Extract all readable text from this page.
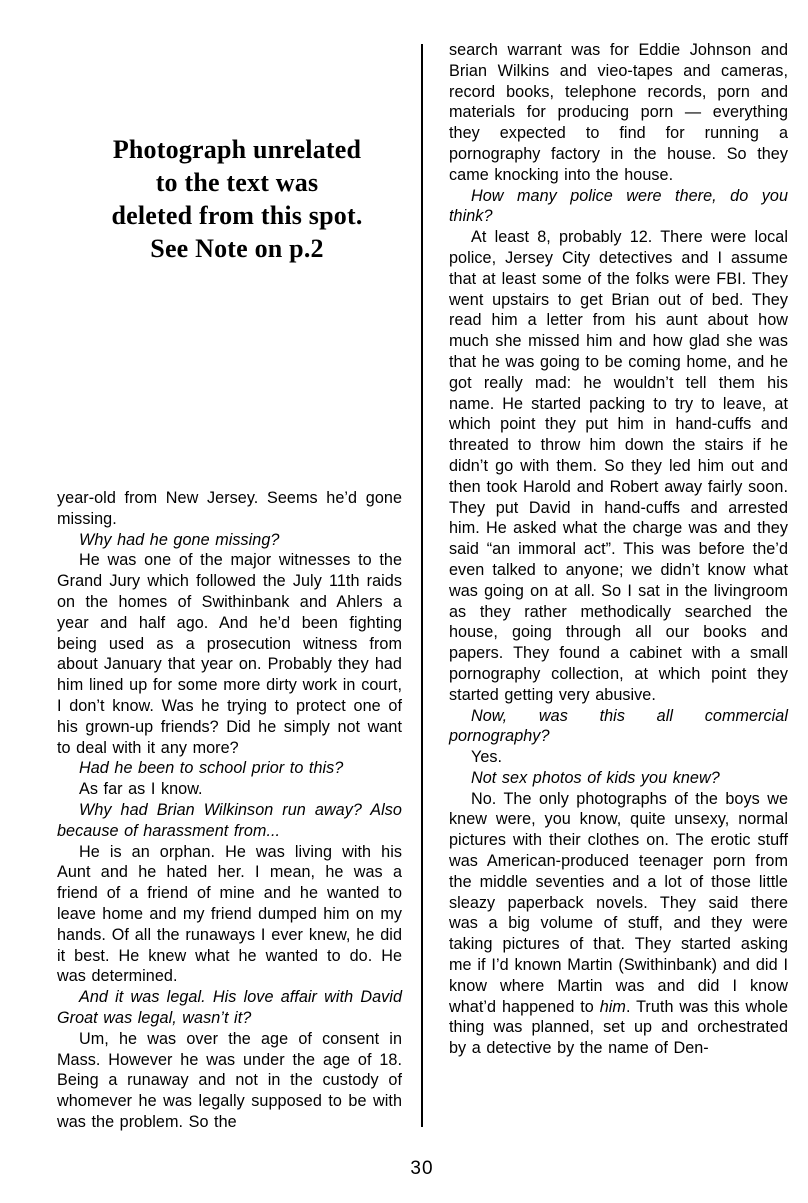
Photograph unrelated
to the text was
deleted from this spot.
See Note on p.2

year-old from New Jersey. Seems he’d gone missing.

Why had he gone missing?

He was one of the major witnesses to the Grand Jury which followed the July 11th raids on the homes of Swithinbank and Ahlers a year and half ago. And he’d been fighting being used as a prosecution witness from about January that year on. Probably they had him lined up for some more dirty work in court, I don’t know. Was he trying to protect one of his grown-up friends? Did he simply not want to deal with it any more?

Had he been to school prior to this?

As far as I know.

Why had Brian Wilkinson run away? Also because of harassment from...

He is an orphan. He was living with his Aunt and he hated her. I mean, he was a friend of a friend of mine and he wanted to leave home and my friend dumped him on my hands. Of all the runaways I ever knew, he did it best. He knew what he wanted to do. He was determined.

And it was legal. His love affair with David Groat was legal, wasn’t it?

Um, he was over the age of consent in Mass. However he was under the age of 18. Being a runaway and not in the custody of whomever he was legally supposed to be with was the problem. So the

search warrant was for Eddie Johnson and Brian Wilkins and vieo-tapes and cameras, record books, telephone records, porn and materials for producing porn — everything they expected to find for running a pornography factory in the house. So they came knocking into the house.

How many police were there, do you think?

At least 8, probably 12. There were local police, Jersey City detectives and I assume that at least some of the folks were FBI. They went upstairs to get Brian out of bed. They read him a letter from his aunt about how much she missed him and how glad she was that he was going to be coming home, and he got really mad: he wouldn’t tell them his name. He started packing to try to leave, at which point they put him in hand-cuffs and threated to throw him down the stairs if he didn’t go with them. So they led him out and then took Harold and Robert away fairly soon. They put David in hand-cuffs and arrested him. He asked what the charge was and they said “an immoral act”. This was before the’d even talked to anyone; we didn’t know what was going on at all. So I sat in the livingroom as they rather methodically searched the house, going through all our books and papers. They found a cabinet with a small pornography collection, at which point they started getting very abusive.

Now, was this all commercial pornography?

Yes.

Not sex photos of kids you knew?

No. The only photographs of the boys we knew were, you know, quite unsexy, normal pictures with their clothes on. The erotic stuff was American-produced teenager porn from the middle seventies and a lot of those little sleazy paperback novels. They said there was a big volume of stuff, and they were taking pictures of that. They started asking me if I’d known Martin (Swithinbank) and did I know where Martin was and did I know what’d happened to him. Truth was this whole thing was planned, set up and orchestrated by a detective by the name of Den-

30
